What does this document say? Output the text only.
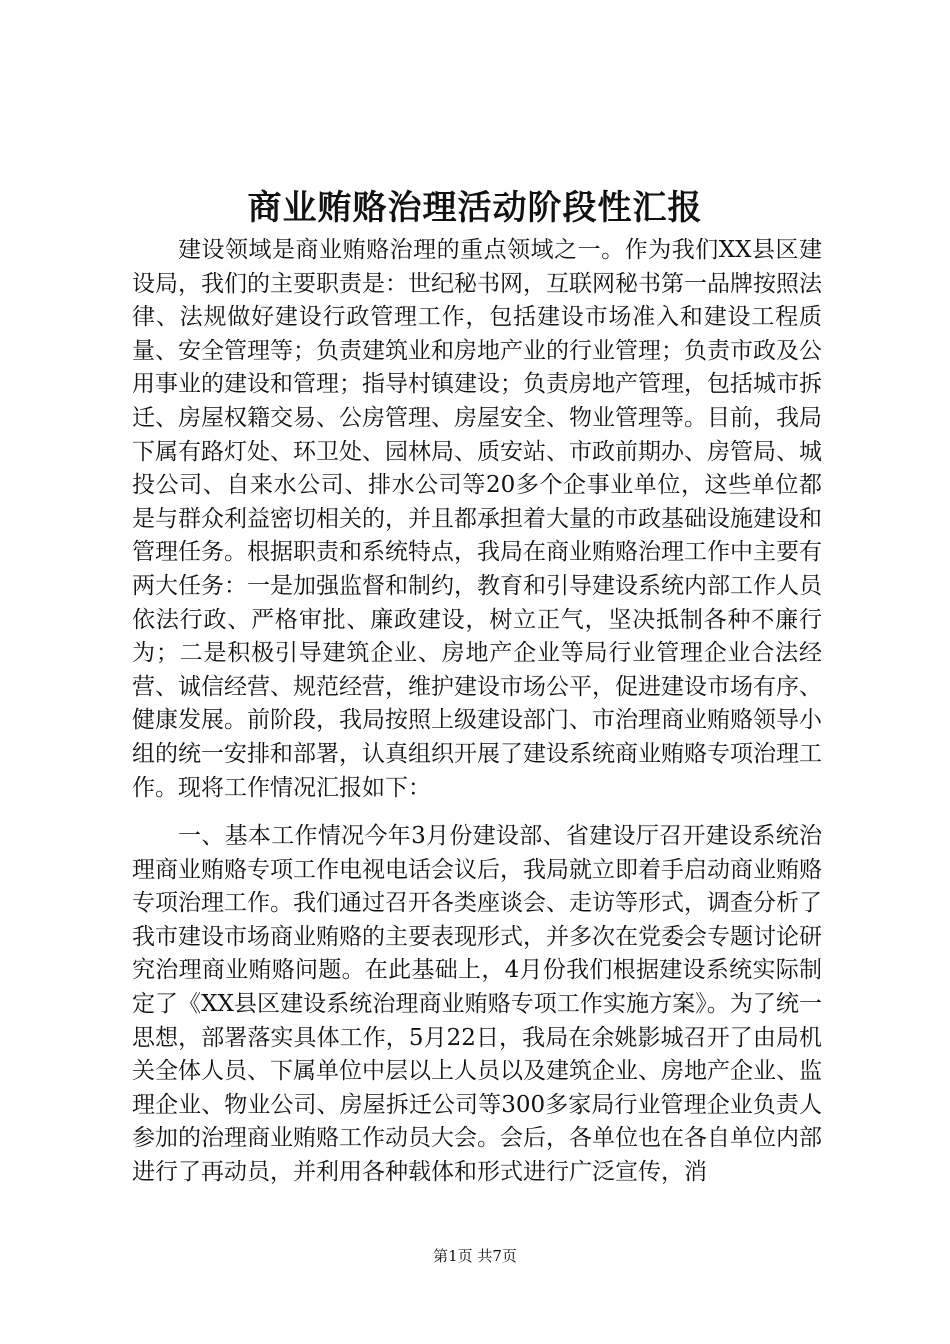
商业贿赂治理活动阶段性汇报

建设领域是商业贿赂治理的重点领域之一。作为我们XX县区建设局，我们的主要职责是：世纪秘书网，互联网秘书第一品牌按照法律、法规做好建设行政管理工作，包括建设市场准入和建设工程质量、安全管理等；负责建筑业和房地产业的行业管理；负责市政及公用事业的建设和管理；指导村镇建设；负责房地产管理，包括城市拆迁、房屋权籍交易、公房管理、房屋安全、物业管理等。目前，我局下属有路灯处、环卫处、园林局、质安站、市政前期办、房管局、城投公司、自来水公司、排水公司等20多个企事业单位，这些单位都是与群众利益密切相关的，并且都承担着大量的市政基础设施建设和管理任务。根据职责和系统特点，我局在商业贿赂治理工作中主要有两大任务：一是加强监督和制约，教育和引导建设系统内部工作人员依法行政、严格审批、廉政建设，树立正气，坚决抵制各种不廉行为；二是积极引导建筑企业、房地产企业等局行业管理企业合法经营、诚信经营、规范经营，维护建设市场公平，促进建设市场有序、健康发展。前阶段，我局按照上级建设部门、市治理商业贿赂领导小组的统一安排和部署，认真组织开展了建设系统商业贿赂专项治理工作。现将工作情况汇报如下：

一、基本工作情况今年3月份建设部、省建设厅召开建设系统治理商业贿赂专项工作电视电话会议后，我局就立即着手启动商业贿赂专项治理工作。我们通过召开各类座谈会、走访等形式，调查分析了我市建设市场商业贿赂的主要表现形式，并多次在党委会专题讨论研究治理商业贿赂问题。在此基础上，4月份我们根据建设系统实际制定了《XX县区建设系统治理商业贿赂专项工作实施方案》。为了统一思想，部署落实具体工作，5月22日，我局在余姚影城召开了由局机关全体人员、下属单位中层以上人员以及建筑企业、房地产企业、监理企业、物业公司、房屋拆迁公司等300多家局行业管理企业负责人参加的治理商业贿赂工作动员大会。会后，各单位也在各自单位内部进行了再动员，并利用各种载体和形式进行广泛宣传，消

第1页 共7页
